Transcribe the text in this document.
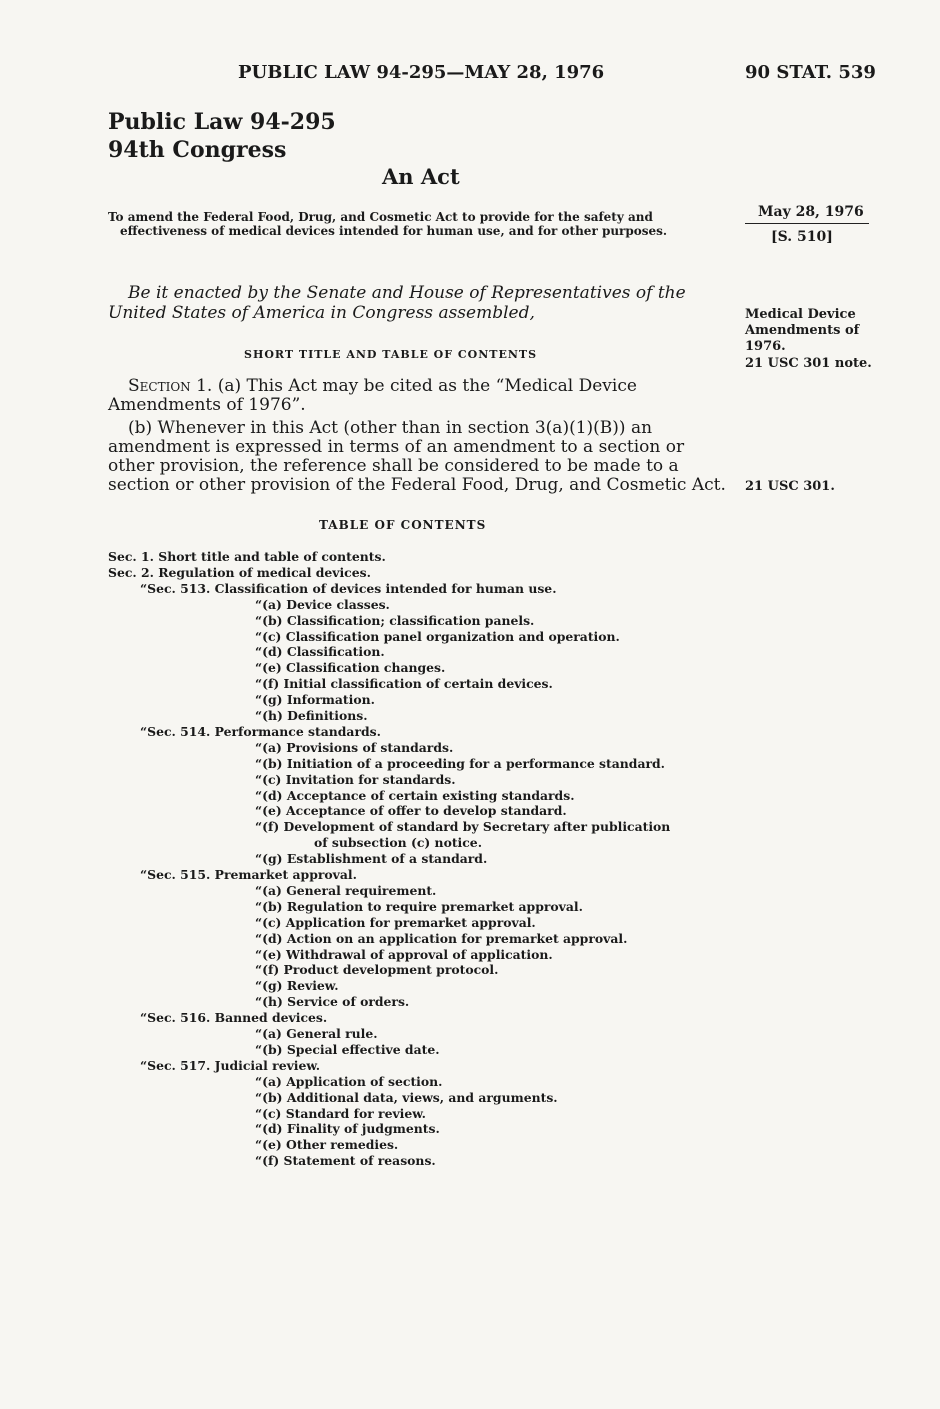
PUBLIC LAW 94-295—MAY 28, 1976	90 STAT. 539
Public Law 94-295
94th Congress
An Act
To amend the Federal Food, Drug, and Cosmetic Act to provide for the safety and effectiveness of medical devices intended for human use, and for other purposes.
May 28, 1976
[S. 510]
Be it enacted by the Senate and House of Representatives of the United States of America in Congress assembled,	Medical Device
Amendments of
1976.
21 USC 301 note.
SHORT TITLE AND TABLE OF CONTENTS
Section 1. (a) This Act may be cited as the “Medical Device Amendments of 1976”.
(b) Whenever in this Act (other than in section 3(a)(1)(B)) an amendment is expressed in terms of an amendment to a section or other provision, the reference shall be considered to be made to a section or other provision of the Federal Food, Drug, and Cosmetic Act. 21 USC 301.
TABLE OF CONTENTS
Sec. 1. Short title and table of contents.
Sec. 2. Regulation of medical devices.
“Sec. 513. Classification of devices intended for human use.
“(a) Device classes.
“(b) Classification; classification panels.
“(c) Classification panel organization and operation.
“(d) Classification.
“(e) Classification changes.
“(f) Initial classification of certain devices.
“(g) Information.
“(h) Definitions.
“Sec. 514. Performance standards.
“(a) Provisions of standards.
“(b) Initiation of a proceeding for a performance standard.
“(c) Invitation for standards.
“(d) Acceptance of certain existing standards.
“(e) Acceptance of offer to develop standard.
“(f) Development of standard by Secretary after publication
of subsection (c) notice.
“(g) Establishment of a standard.
“Sec. 515. Premarket approval.
“(a) General requirement.
“(b) Regulation to require premarket approval.
“(c) Application for premarket approval.
“(d) Action on an application for premarket approval.
“(e) Withdrawal of approval of application.
“(f) Product development protocol.
“(g) Review.
“(h) Service of orders.
“Sec. 516. Banned devices.
“(a) General rule.
“(b) Special effective date.
“Sec. 517. Judicial review.
“(a) Application of section.
“(b) Additional data, views, and arguments.
“(c) Standard for review.
“(d) Finality of judgments.
“(e) Other remedies.
“(f) Statement of reasons.
